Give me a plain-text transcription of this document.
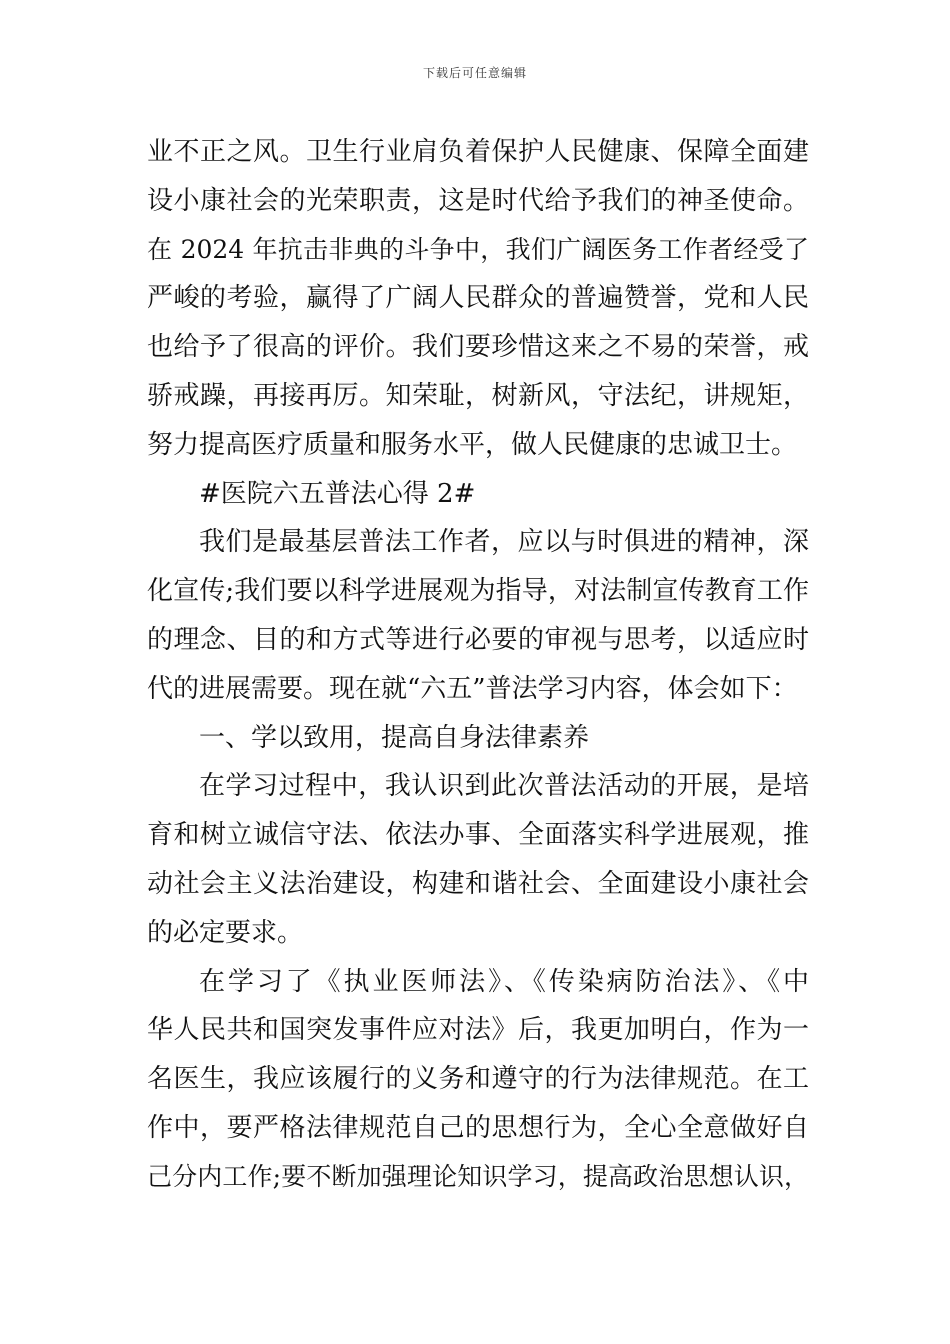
下载后可任意编辑
业不正之风。卫生行业肩负着保护人民健康、保障全面建
设小康社会的光荣职责，这是时代给予我们的神圣使命。
在 2024 年抗击非典的斗争中，我们广阔医务工作者经受了
严峻的考验，赢得了广阔人民群众的普遍赞誉，党和人民
也给予了很高的评价。我们要珍惜这来之不易的荣誉，戒
骄戒躁，再接再厉。知荣耻，树新风，守法纪，讲规矩，
努力提高医疗质量和服务水平，做人民健康的忠诚卫士。
#医院六五普法心得 2#
我们是最基层普法工作者，应以与时俱进的精神，深
化宣传;我们要以科学进展观为指导，对法制宣传教育工作
的理念、目的和方式等进行必要的审视与思考，以适应时
代的进展需要。现在就“六五”普法学习内容，体会如下：
一、学以致用，提高自身法律素养
在学习过程中，我认识到此次普法活动的开展，是培
育和树立诚信守法、依法办事、全面落实科学进展观，推
动社会主义法治建设，构建和谐社会、全面建设小康社会
的必定要求。
在学习了《执业医师法》、《传染病防治法》、《中
华人民共和国突发事件应对法》后，我更加明白，作为一
名医生，我应该履行的义务和遵守的行为法律规范。在工
作中，要严格法律规范自己的思想行为，全心全意做好自
己分内工作;要不断加强理论知识学习，提高政治思想认识，
